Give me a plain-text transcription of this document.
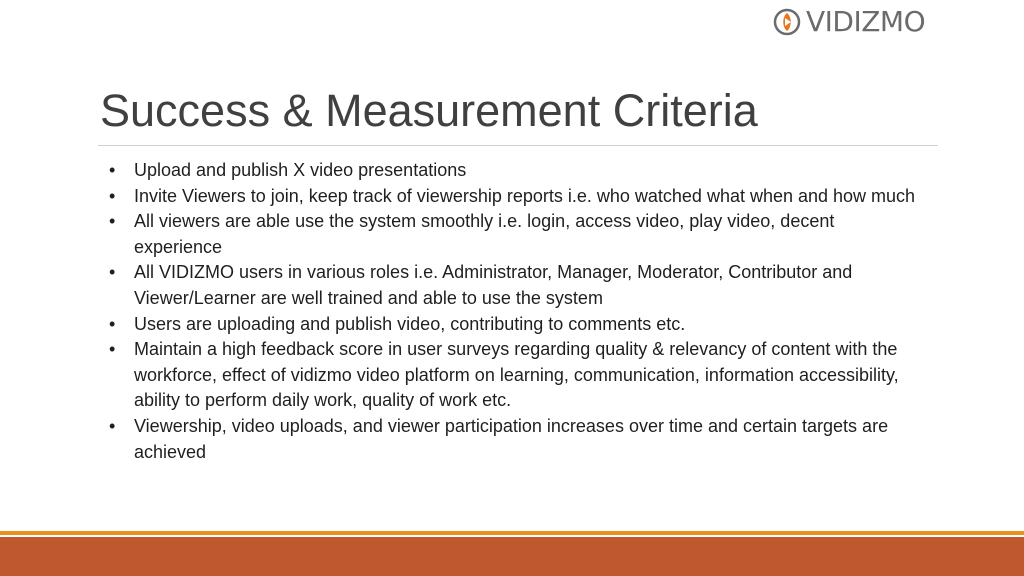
VIDIZMO
Success & Measurement Criteria
• Upload and publish X video presentations
• Invite Viewers to join, keep track of viewership reports i.e. who watched what when and how much
• All viewers are able use the system smoothly i.e. login, access video, play video, decent experience
• All VIDIZMO users in various roles i.e. Administrator, Manager, Moderator, Contributor and Viewer/Learner are well trained and able to use the system
• Users are uploading and publish video, contributing to comments etc.
• Maintain a high feedback score in user surveys regarding quality & relevancy of content with the workforce, effect of vidizmo video platform on learning, communication, information accessibility, ability to perform daily work, quality of work etc.
• Viewership, video uploads, and viewer participation increases over time and certain targets are achieved
